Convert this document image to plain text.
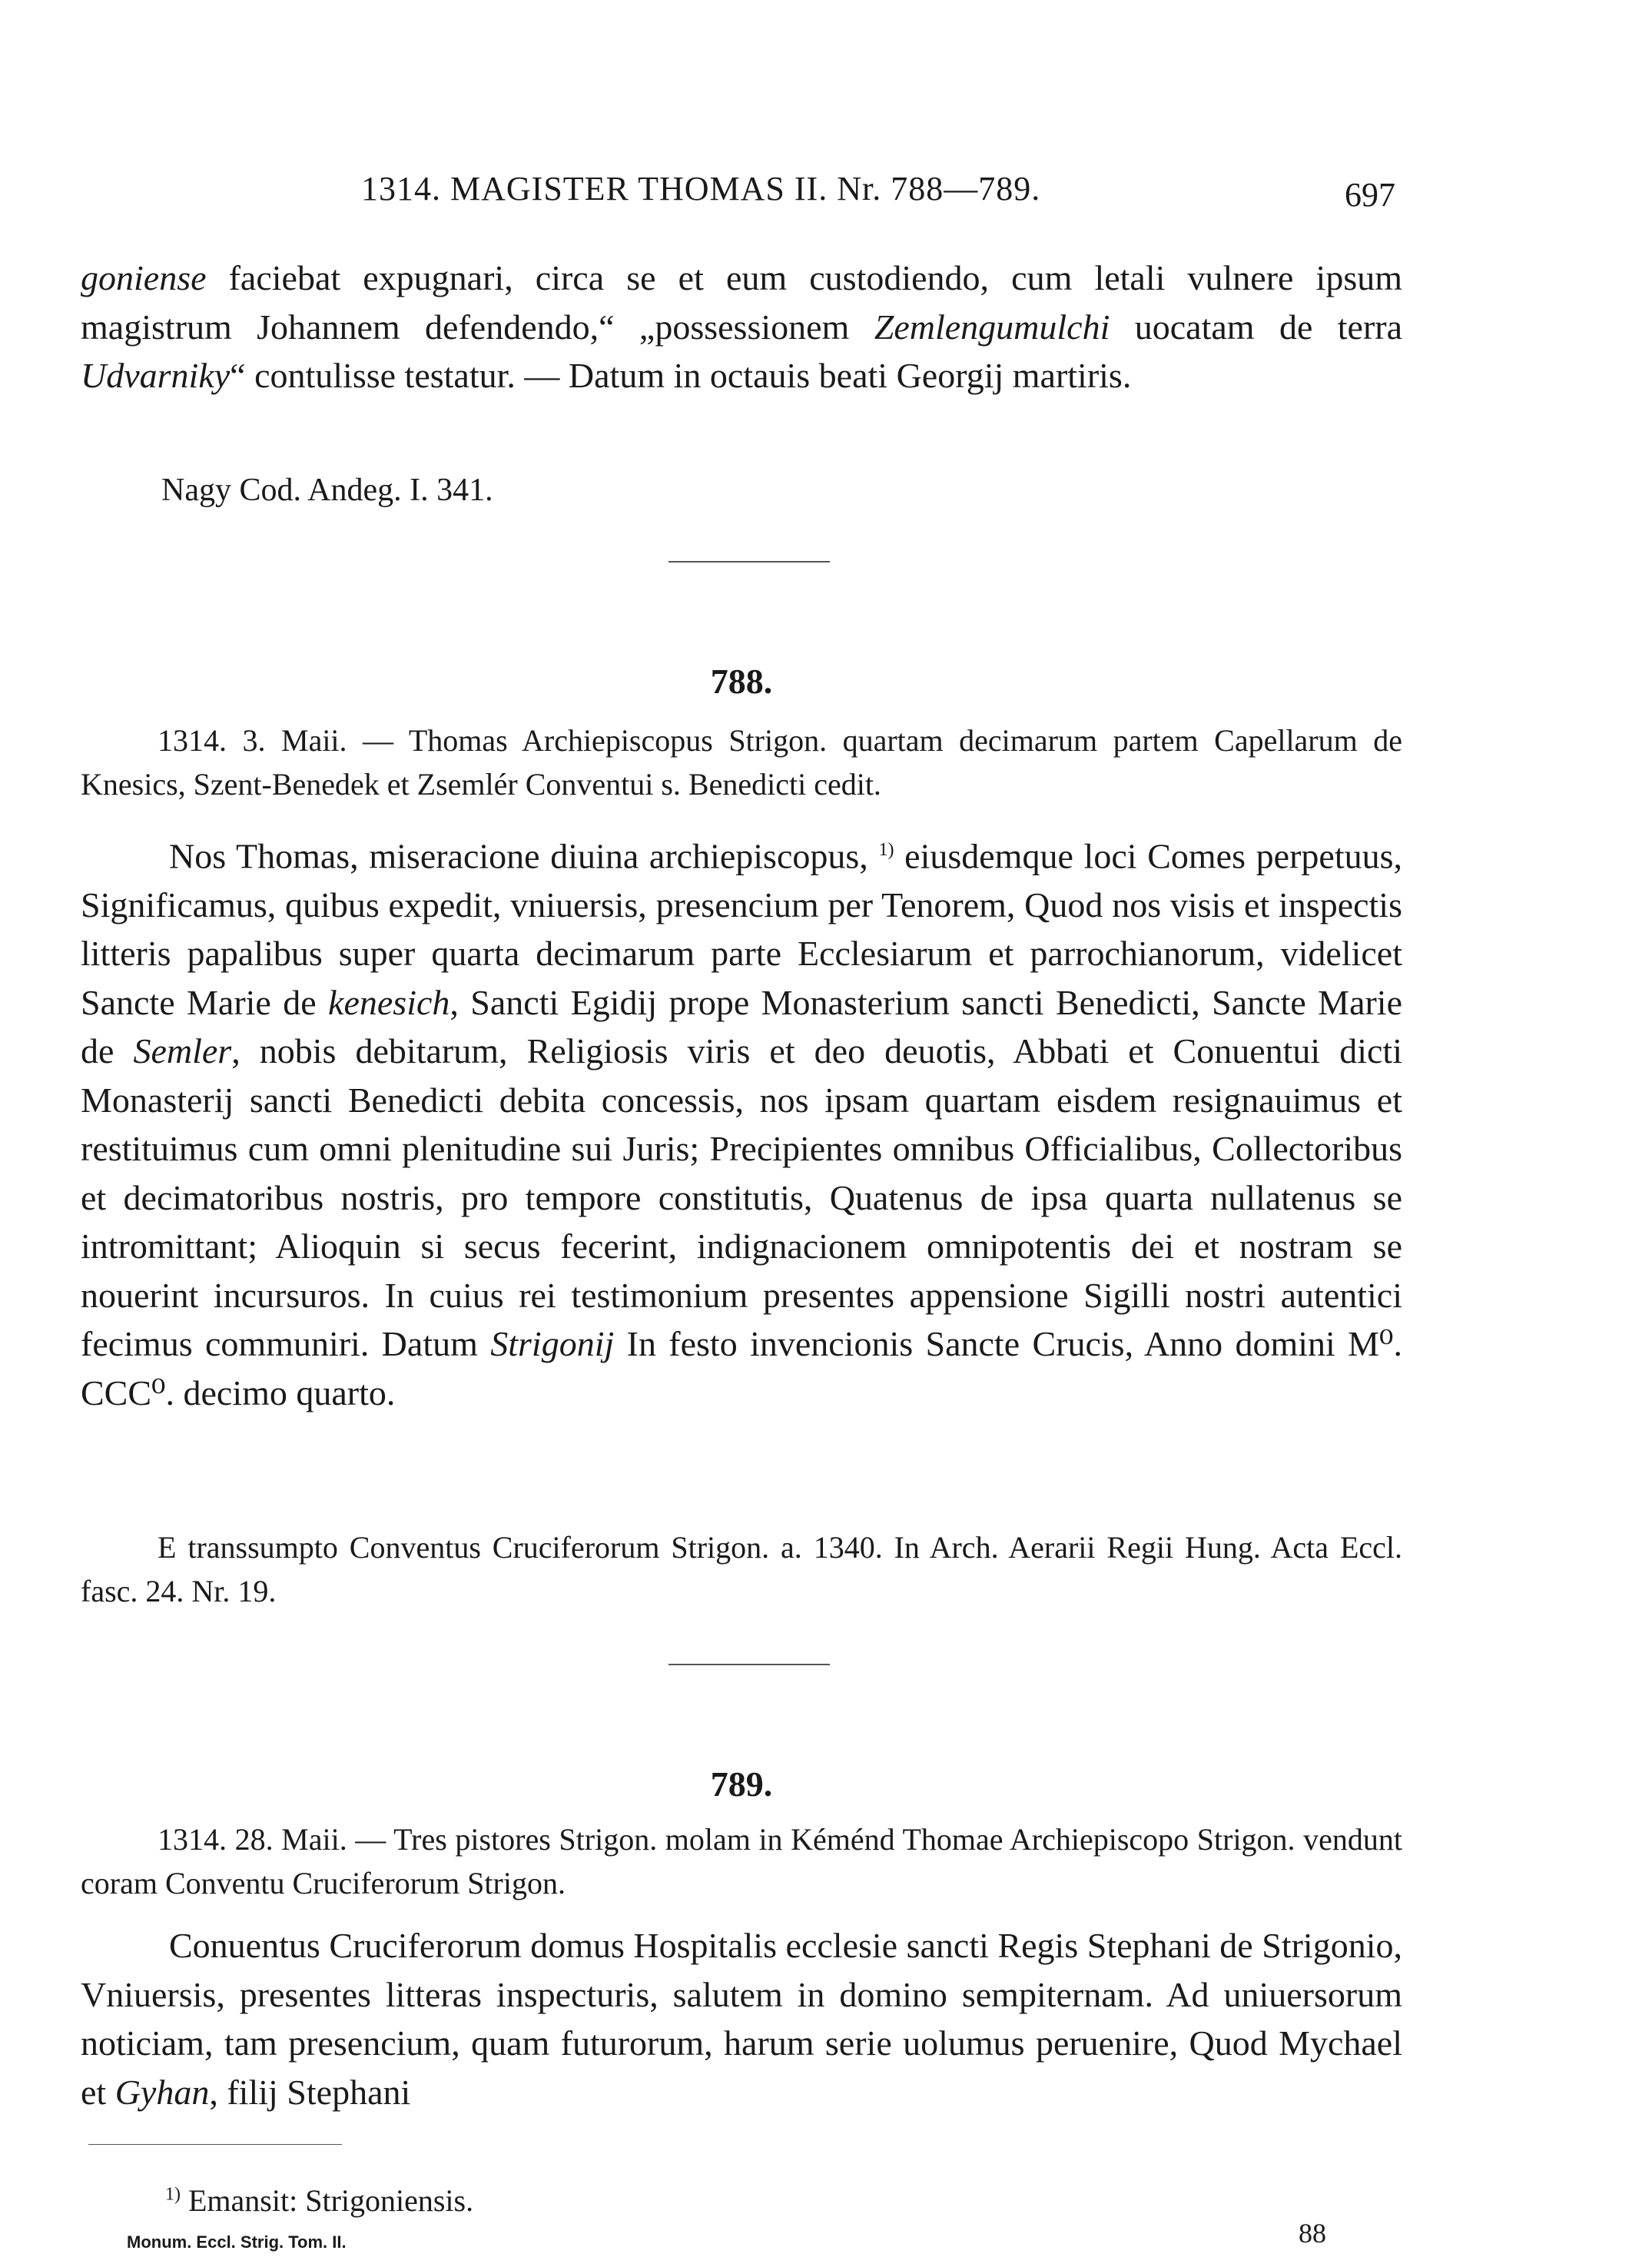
1314. MAGISTER THOMAS II. Nr. 788—789.	697

goniense faciebat expugnari, circa se et eum custodiendo, cum letali vulnere ipsum magistrum Johannem defendendo,“ „possessionem Zemlengumulchi uocatam de terra Udvarniky“ contulisse testatur. — Datum in octauis beati Georgij martiris.

Nagy Cod. Andeg. I. 341.

788.

1314. 3. Maii. — Thomas Archiepiscopus Strigon. quartam decimarum partem Capellarum de Knesics, Szent-Benedek et Zsemlér Conventui s. Benedicti cedit.

Nos Thomas, miseracione diuina archiepiscopus, $^{1)}$ eiusdemque loci Comes perpetuus, Significamus, quibus expedit, vniuersis, presencium per Tenorem, Quod nos visis et inspectis litteris papalibus super quarta decimarum parte Ecclesiarum et parrochianorum, videlicet Sancte Marie de kenesich, Sancti Egidij prope Monasterium sancti Benedicti, Sancte Marie de Semler, nobis debitarum, Religiosis viris et deo deuotis, Abbati et Conuentui dicti Monasterij sancti Benedicti debita concessis, nos ipsam quartam eisdem resignauimus et restituimus cum omni plenitudine sui Juris; Precipientes omnibus Officialibus, Collectoribus et decimatoribus nostris, pro tempore constitutis, Quatenus de ipsa quarta nullatenus se intromittant; Alioquin si secus fecerint, indignacionem omnipotentis dei et nostram se nouerint incursuros. In cuius rei testimonium presentes appensione Sigilli nostri autentici fecimus communiri. Datum Strigonij In festo invencionis Sancte Crucis, Anno domini M⁰. CCC⁰. decimo quarto.

E transsumpto Conventus Cruciferorum Strigon. a. 1340. In Arch. Aerarii Regii Hung. Acta Eccl. fasc. 24. Nr. 19.

789.

1314. 28. Maii. — Tres pistores Strigon. molam in Kéménd Thomae Archiepiscopo Strigon. vendunt coram Conventu Cruciferorum Strigon.

Conuentus Cruciferorum domus Hospitalis ecclesie sancti Regis Stephani de Strigonio, Vniuersis, presentes litteras inspecturis, salutem in domino sempiternam. Ad uniuersorum noticiam, tam presencium, quam futurorum, harum serie uolumus peruenire, Quod Mychael et Gyhan, filij Stephani

$^{1)}$ Emansit: Strigoniensis.
Monum. Eccl. Strig. Tom. II.	88
